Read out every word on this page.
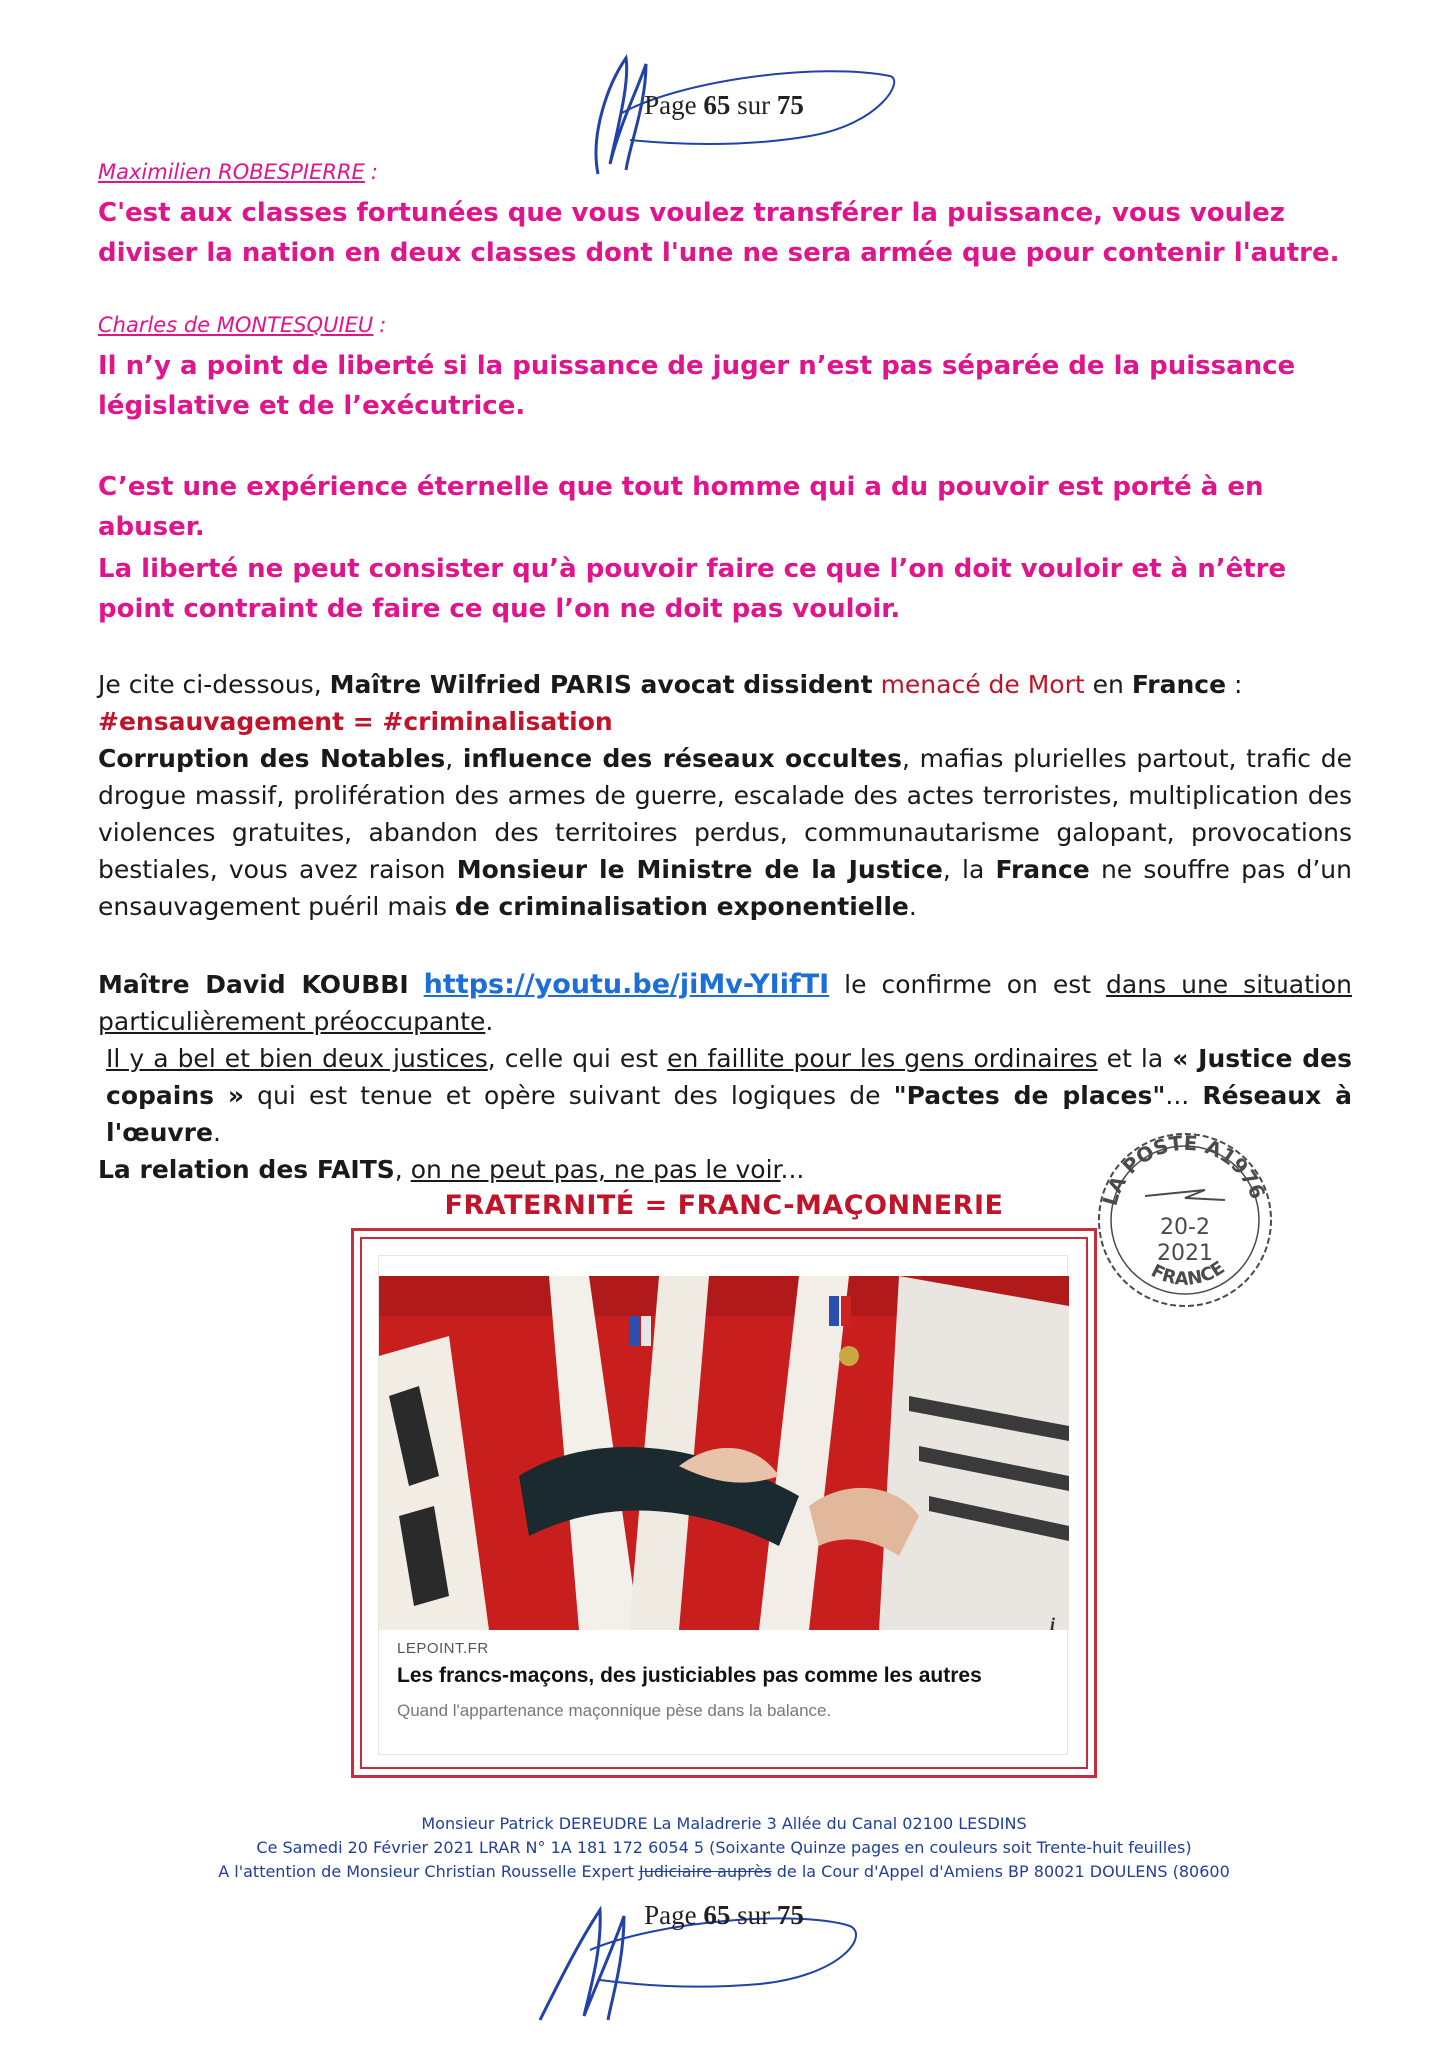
Page 65 sur 75
Maximilien ROBESPIERRE :
C'est aux classes fortunées que vous voulez transférer la puissance, vous voulez diviser la nation en deux classes dont l'une ne sera armée que pour contenir l'autre.
Charles de MONTESQUIEU :
Il n’y a point de liberté si la puissance de juger n’est pas séparée de la puissance législative et de l’exécutrice.
C’est une expérience éternelle que tout homme qui a du pouvoir est porté à en abuser.
La liberté ne peut consister qu’à pouvoir faire ce que l’on doit vouloir et à n’être point contraint de faire ce que l’on ne doit pas vouloir.
Je cite ci-dessous, Maître Wilfried PARIS avocat dissident menacé de Mort en France :
#ensauvagement = #criminalisation
Corruption des Notables, influence des réseaux occultes, mafias plurielles partout, trafic de drogue massif, prolifération des armes de guerre, escalade des actes terroristes, multiplication des violences gratuites, abandon des territoires perdus, communautarisme galopant, provocations bestiales, vous avez raison Monsieur le Ministre de la Justice, la France ne souffre pas d’un ensauvagement puéril mais de criminalisation exponentielle.
Maître David KOUBBI https://youtu.be/jiMv-YIifTI le confirme on est dans une situation particulièrement préoccupante.
Il y a bel et bien deux justices, celle qui est en faillite pour les gens ordinaires et la « Justice des copains » qui est tenue et opère suivant des logiques de "Pactes de places"... Réseaux à l'œuvre.
La relation des FAITS, on ne peut pas, ne pas le voir...
LA POSTE A1976
20-2
2021
FRANCE
FRATERNITÉ = FRANC-MAÇONNERIE
i
LEPOINT.FR
Les francs-maçons, des justiciables pas comme les autres
Quand l'appartenance maçonnique pèse dans la balance.
Monsieur Patrick DEREUDRE La Maladrerie 3 Allée du Canal 02100 LESDINS
Ce Samedi 20 Février 2021 LRAR N° 1A 181 172 6054 5 (Soixante Quinze pages en couleurs soit Trente-huit feuilles)
A l'attention de Monsieur Christian Rousselle Expert Judiciaire auprès de la Cour d'Appel d'Amiens BP 80021 DOULENS (80600
Page 65 sur 75
